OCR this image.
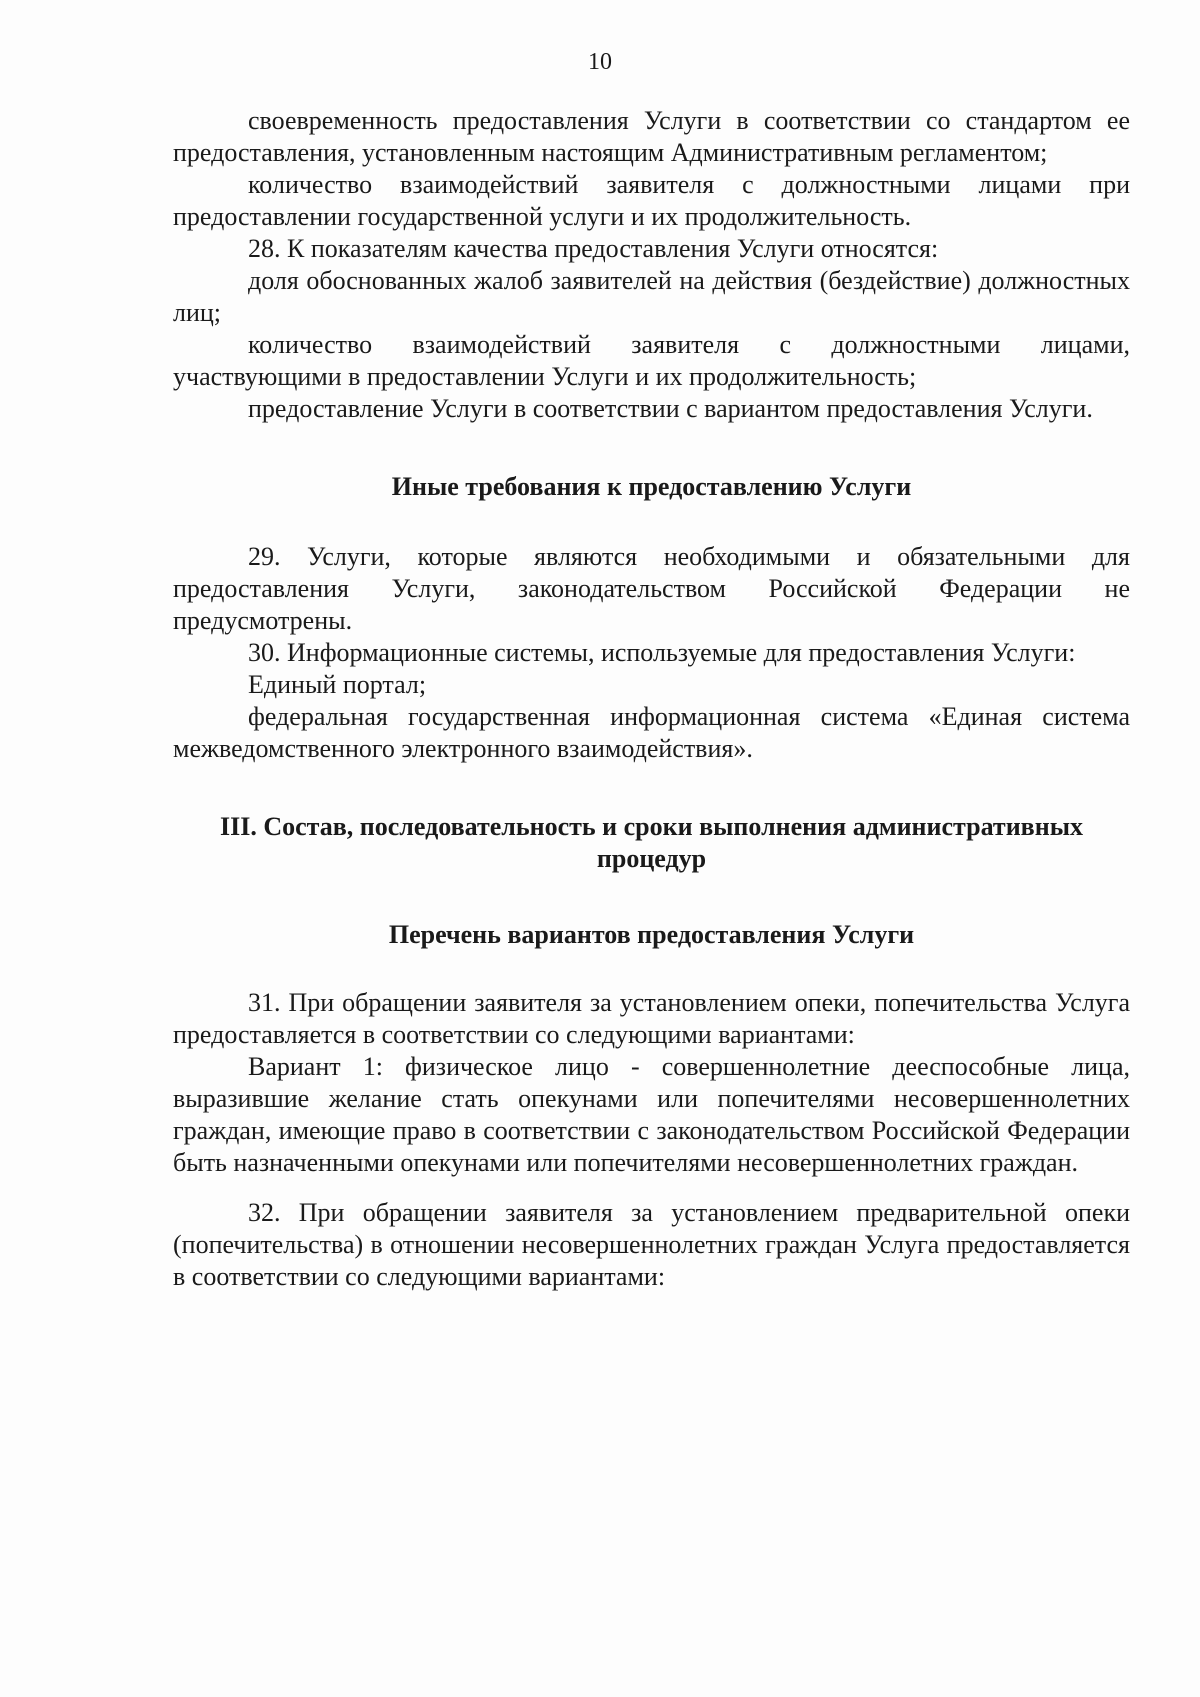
10

своевременность предоставления Услуги в соответствии со стандартом ее предоставления, установленным настоящим Административным регламентом;

количество взаимодействий заявителя с должностными лицами при предоставлении государственной услуги и их продолжительность.

28. К показателям качества предоставления Услуги относятся:

доля обоснованных жалоб заявителей на действия (бездействие) должностных лиц;

количество взаимодействий заявителя с должностными лицами, участвующими в предоставлении Услуги и их продолжительность;

предоставление Услуги в соответствии с вариантом предоставления Услуги.

Иные требования к предоставлению Услуги

29. Услуги, которые являются необходимыми и обязательными для предоставления Услуги, законодательством Российской Федерации не предусмотрены.

30. Информационные системы, используемые для предоставления Услуги:

Единый портал;

федеральная государственная информационная система «Единая система межведомственного электронного взаимодействия».

III. Состав, последовательность и сроки выполнения административных процедур
Перечень вариантов предоставления Услуги

31. При обращении заявителя за установлением опеки, попечительства Услуга предоставляется в соответствии со следующими вариантами:

Вариант 1: физическое лицо - совершеннолетние дееспособные лица, выразившие желание стать опекунами или попечителями несовершеннолетних граждан, имеющие право в соответствии с законодательством Российской Федерации быть назначенными опекунами или попечителями несовершеннолетних граждан.

32. При обращении заявителя за установлением предварительной опеки (попечительства) в отношении несовершеннолетних граждан Услуга предоставляется в соответствии со следующими вариантами:
